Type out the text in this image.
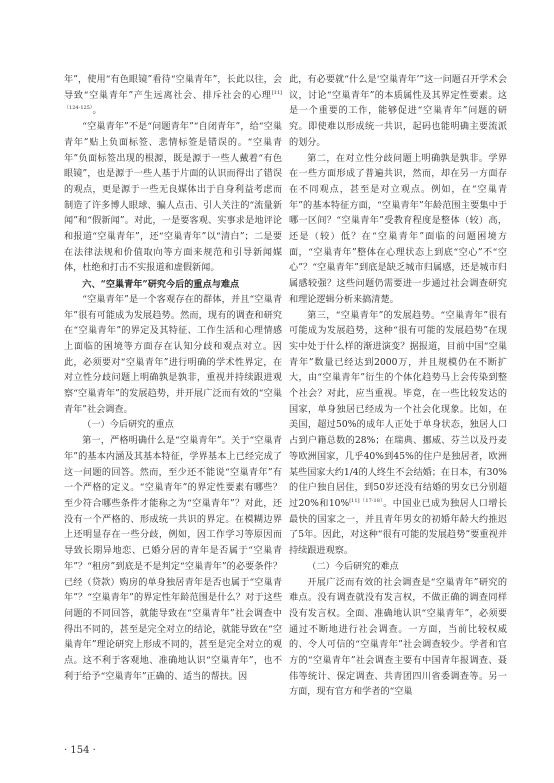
年”，使用“有色眼镜”看待“空巢青年”，长此以往，会导致“空巢青年”产生远离社会、排斥社会的心理$^{[11](124-125)}$。

“空巢青年”不是“问题青年”“自闭青年”，给“空巢青年”贴上负面标签、悲情标签是错误的。“空巢青年”负面标签出现的根源，既是源于一些人戴着“有色眼镜”，也是源于一些人基于片面的认识而得出了错误的观点，更是源于一些无良媒体出于自身利益考虑而制造了许多博人眼球、骗人点击、引人关注的“流量新闻”和“假新闻”。对此，一是要客观、实事求是地评论和报道“空巢青年”，还“空巢青年”以“清白”；二是要在法律法规和价值取向等方面来规范和引导新闻媒体，杜绝和打击不实报道和虚假新闻。

六、“空巢青年”研究今后的重点与难点

“空巢青年”是一个客观存在的群体，并且“空巢青年”很有可能成为发展趋势。然而，现有的调查和研究在“空巢青年”的界定及其特征、工作生活和心理情感上面临的困境等方面存在认知分歧和观点对立。因此，必须要对“空巢青年”进行明确的学术性界定，在对立性分歧问题上明确孰是孰非，重视并持续跟进观察“空巢青年”的发展趋势，并开展广泛而有效的“空巢青年”社会调查。

（一）今后研究的重点

第一，严格明确什么是“空巢青年”。关于“空巢青年”的基本内涵及其基本特征，学界基本上已经完成了这一问题的回答。然而，至少还不能说“空巢青年”有一个严格的定义。“空巢青年”的界定性要素有哪些？至少符合哪些条件才能称之为“空巢青年”？对此，还没有一个严格的、形成统一共识的界定。在模糊边界上还明显存在一些分歧，例如，因工作学习等原因而导致长期异地恋、已婚分居的青年是否属于“空巢青年”？“租房”到底是不是判定“空巢青年”的必要条件？已经（贷款）购房的单身独居青年是否也属于“空巢青年”？“空巢青年”的界定性年龄范围是什么？对于这些问题的不同回答，就能导致在“空巢青年”社会调查中得出不同的，甚至是完全对立的结论，就能导致在“空巢青年”理论研究上形成不同的，甚至是完全对立的观点。这不利于客观地、准确地认识“空巢青年”，也不利于给予“空巢青年”正确的、适当的帮扶。因

此，有必要就“什么是‘空巢青年’”这一问题召开学术会议，讨论“空巢青年”的本质属性及其界定性要素。这是一个重要的工作，能够促进“空巢青年”问题的研究。即使难以形成统一共识，起码也能明确主要流派的划分。

第二，在对立性分歧问题上明确孰是孰非。学界在一些方面形成了普遍共识，然而，却在另一方面存在不同观点，甚至是对立观点。例如，在“空巢青年”的基本特征方面，“空巢青年”年龄范围主要集中于哪一区间？“空巢青年”受教育程度是整体（较）高，还是（较）低？在“空巢青年”面临的问题困境方面，“空巢青年”整体在心理状态上到底“空心”不“空心”？“空巢青年”到底是缺乏城市归属感，还是城市归属感较强？这些问题仍需要进一步通过社会调查研究和理论逻辑分析来搞清楚。

第三，“空巢青年”的发展趋势。“空巢青年”很有可能成为发展趋势，这种“很有可能的发展趋势”在现实中处于什么样的渐进演变？据报道，目前中国“空巢青年”数量已经达到2000万，并且规模仍在不断扩大，由“空巢青年”衍生的个体化趋势马上会传染到整个社会？对此，应当重视。毕竟，在一些比较发达的国家，单身独居已经成为一个社会化现象。比如，在美国，超过50%的成年人正处于单身状态，独居人口占到户籍总数的28%；在瑞典、挪威、芬兰以及丹麦等欧洲国家，几乎40%到45%的住户是独居者，欧洲某些国家大约1/4的人终生不会结婚；在日本，有30%的住户独自居住，到50岁还没有结婚的男女已分别超过20%和10%$^{[11](17-18)}$。中国业已成为独居人口增长最快的国家之一，并且青年男女的初婚年龄大约推迟了5年。因此，对这种“很有可能的发展趋势”要重视并持续跟进观察。

（二）今后研究的难点

开展广泛而有效的社会调查是“空巢青年”研究的难点。没有调查就没有发言权，不做正确的调查同样没有发言权。全面、准确地认识“空巢青年”，必须要通过不断地进行社会调查。一方面，当前比较权威的、令人可信的“空巢青年”社会调查较少。学者和官方的“空巢青年”社会调查主要有中国青年报调查、聂伟等统计、保定调查、共青团四川省委调查等。另一方面，现有官方和学者的“空巢

· 154 ·
